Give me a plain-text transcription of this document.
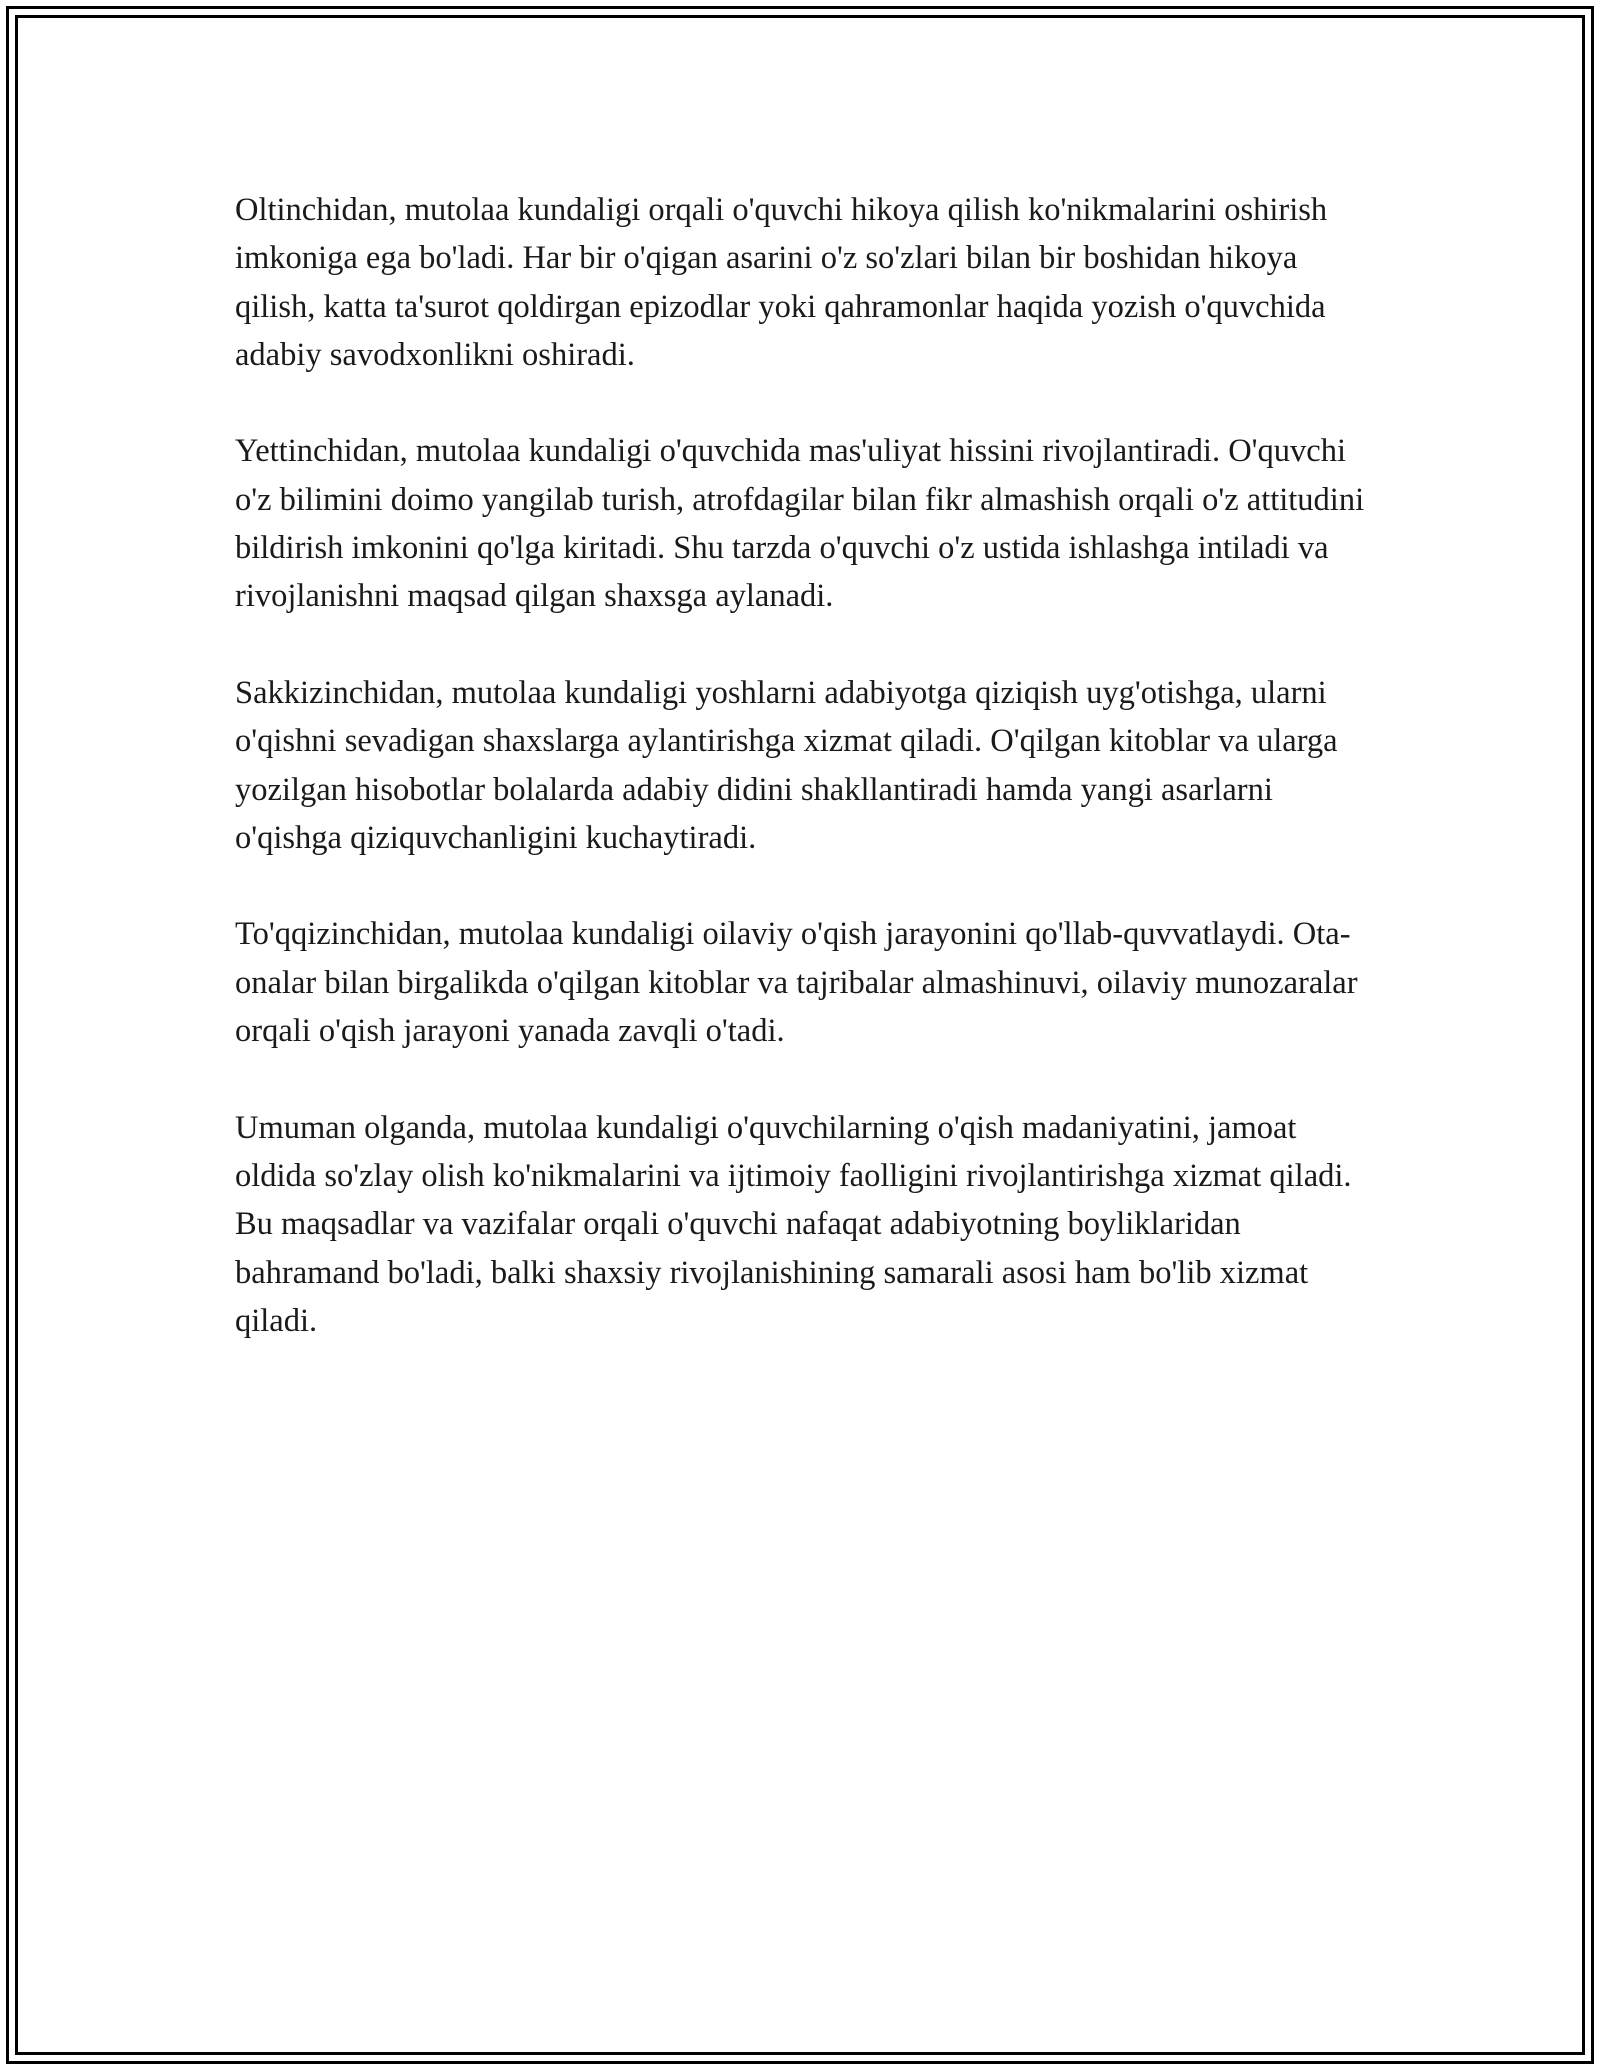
Oltinchidan, mutolaa kundaligi orqali o'quvchi hikoya qilish ko'nikmalarini oshirish imkoniga ega bo'ladi. Har bir o'qigan asarini o'z so'zlari bilan bir boshidan hikoya qilish, katta ta'surot qoldirgan epizodlar yoki qahramonlar haqida yozish o'quvchida adabiy savodxonlikni oshiradi.

Yettinchidan, mutolaa kundaligi o'quvchida mas'uliyat hissini rivojlantiradi. O'quvchi o'z bilimini doimo yangilab turish, atrofdagilar bilan fikr almashish orqali o'z attitudini bildirish imkonini qo'lga kiritadi. Shu tarzda o'quvchi o'z ustida ishlashga intiladi va rivojlanishni maqsad qilgan shaxsga aylanadi.

Sakkizinchidan, mutolaa kundaligi yoshlarni adabiyotga qiziqish uyg'otishga, ularni o'qishni sevadigan shaxslarga aylantirishga xizmat qiladi. O'qilgan kitoblar va ularga yozilgan hisobotlar bolalarda adabiy didini shakllantiradi hamda yangi asarlarni o'qishga qiziquvchanligini kuchaytiradi.

To'qqizinchidan, mutolaa kundaligi oilaviy o'qish jarayonini qo'llab-quvvatlaydi. Ota-onalar bilan birgalikda o'qilgan kitoblar va tajribalar almashinuvi, oilaviy munozaralar orqali o'qish jarayoni yanada zavqli o'tadi.

Umuman olganda, mutolaa kundaligi o'quvchilarning o'qish madaniyatini, jamoat oldida so'zlay olish ko'nikmalarini va ijtimoiy faolligini rivojlantirishga xizmat qiladi. Bu maqsadlar va vazifalar orqali o'quvchi nafaqat adabiyotning boyliklaridan bahramand bo'ladi, balki shaxsiy rivojlanishining samarali asosi ham bo'lib xizmat qiladi.
